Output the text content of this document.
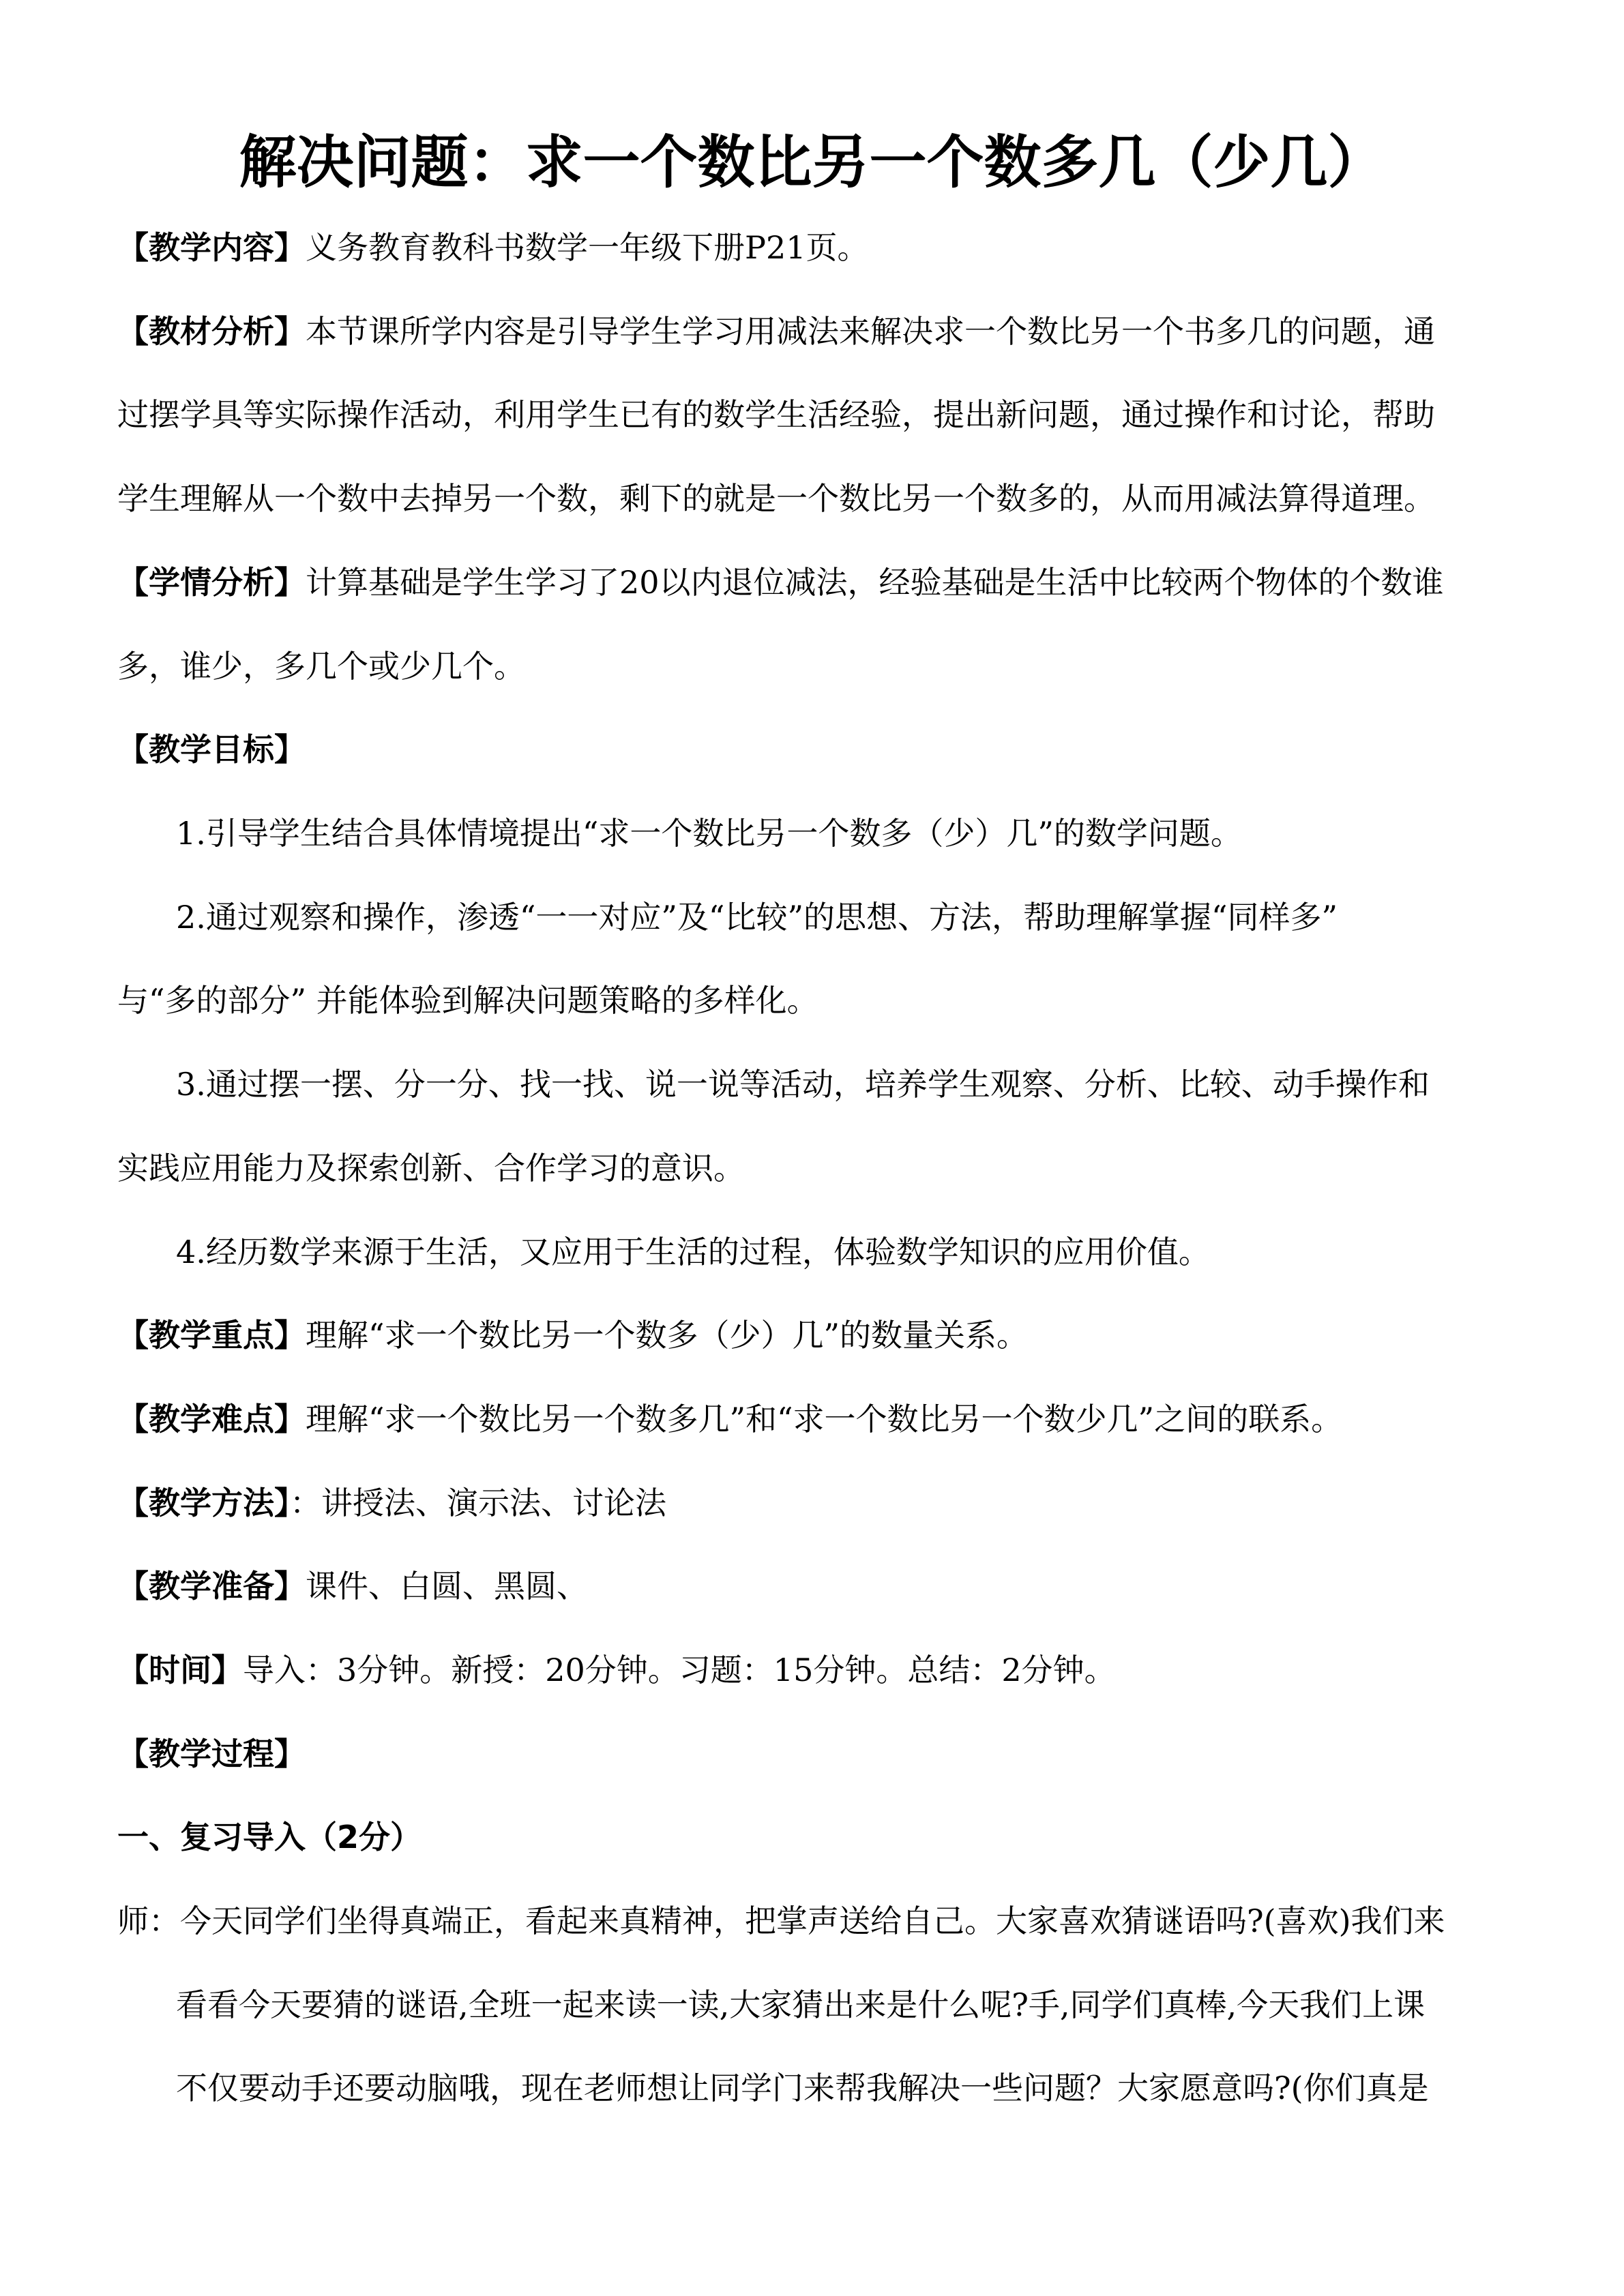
解决问题：求一个数比另一个数多几（少几）
【教学内容】义务教育教科书数学一年级下册P21页。
【教材分析】本节课所学内容是引导学生学习用减法来解决求一个数比另一个书多几的问题，通
过摆学具等实际操作活动，利用学生已有的数学生活经验，提出新问题，通过操作和讨论，帮助
学生理解从一个数中去掉另一个数，剩下的就是一个数比另一个数多的，从而用减法算得道理。
【学情分析】计算基础是学生学习了20以内退位减法，经验基础是生活中比较两个物体的个数谁
多，谁少，多几个或少几个。
【教学目标】
1.引导学生结合具体情境提出“求一个数比另一个数多（少）几”的数学问题。
2.通过观察和操作，渗透“一一对应”及“比较”的思想、方法，帮助理解掌握“同样多”
与“多的部分” 并能体验到解决问题策略的多样化。
3.通过摆一摆、分一分、找一找、说一说等活动，培养学生观察、分析、比较、动手操作和
实践应用能力及探索创新、合作学习的意识。
4.经历数学来源于生活，又应用于生活的过程，体验数学知识的应用价值。
【教学重点】理解“求一个数比另一个数多（少）几”的数量关系。
【教学难点】理解“求一个数比另一个数多几”和“求一个数比另一个数少几”之间的联系。
【教学方法】：讲授法、演示法、讨论法
【教学准备】课件、白圆、黑圆、
【时间】导入：3分钟。新授：20分钟。习题：15分钟。总结：2分钟。
【教学过程】
一、复习导入（2分）
师：今天同学们坐得真端正，看起来真精神，把掌声送给自己。大家喜欢猜谜语吗?(喜欢)我们来
看看今天要猜的谜语,全班一起来读一读,大家猜出来是什么呢?手,同学们真棒,今天我们上课
不仅要动手还要动脑哦，现在老师想让同学门来帮我解决一些问题？大家愿意吗?(你们真是
